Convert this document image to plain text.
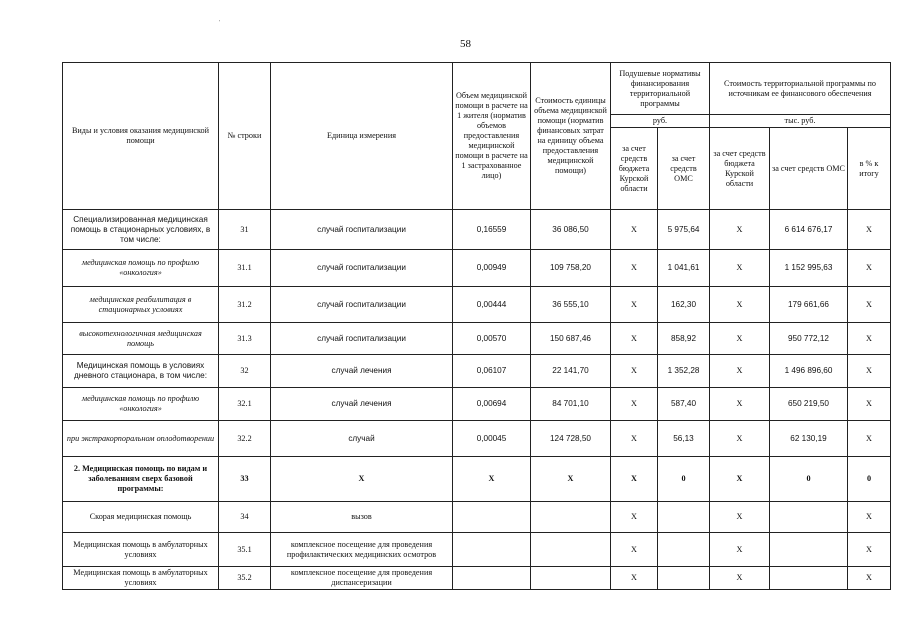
'
58
Виды и условия оказания медицинской помощи	№ строки	Единица измерения	Объем медицинской помощи в расчете на 1 жителя (норматив объемов предоставления медицинской помощи в расчете на 1 застрахованное лицо)	Стоимость единицы объема медицинской помощи (норматив финансовых затрат на единицу объема предоставления медицинской помощи)	Подушевые нормативы финансирования территориальной программы		Стоимость территориальной программы по источникам ее финансового обеспечения		
					руб.		тыс. руб.		
					за счет средств бюджета Курской области	за счет средств ОМС	за счет средств бюджета Курской области	за счет средств ОМС	в % к итогу
Специализированная медицинская помощь в стационарных условиях, в том числе:	31	случай госпитализации	0,16559	36 086,50	X	5 975,64	X	6 614 676,17	X
медицинская помощь по профилю «онкология»	31.1	случай госпитализации	0,00949	109 758,20	X	1 041,61	X	1 152 995,63	X
медицинская реабилитация в стационарных условиях	31.2	случай госпитализации	0,00444	36 555,10	X	162,30	X	179 661,66	X
высокотехнологичная медицинская помощь	31.3	случай госпитализации	0,00570	150 687,46	X	858,92	X	950 772,12	X
Медицинская помощь в условиях дневного стационара, в том числе:	32	случай лечения	0,06107	22 141,70	X	1 352,28	X	1 496 896,60	X
медицинская помощь по профилю «онкология»	32.1	случай лечения	0,00694	84 701,10	X	587,40	X	650 219,50	X
при экстракорпоральном оплодотворении	32.2	случай	0,00045	124 728,50	X	56,13	X	62 130,19	X
2. Медицинская помощь по видам и заболеваниям сверх базовой программы:	33	X	X	X	X	0	X	0	0
Скорая медицинская помощь	34	вызов			X		X		X
Медицинская помощь в амбулаторных условиях	35.1	комплексное посещение для проведения профилактических медицинских осмотров			X		X		X
Медицинская помощь в амбулаторных условиях	35.2	комплексное посещение для проведения диспансеризации			X		X		X
